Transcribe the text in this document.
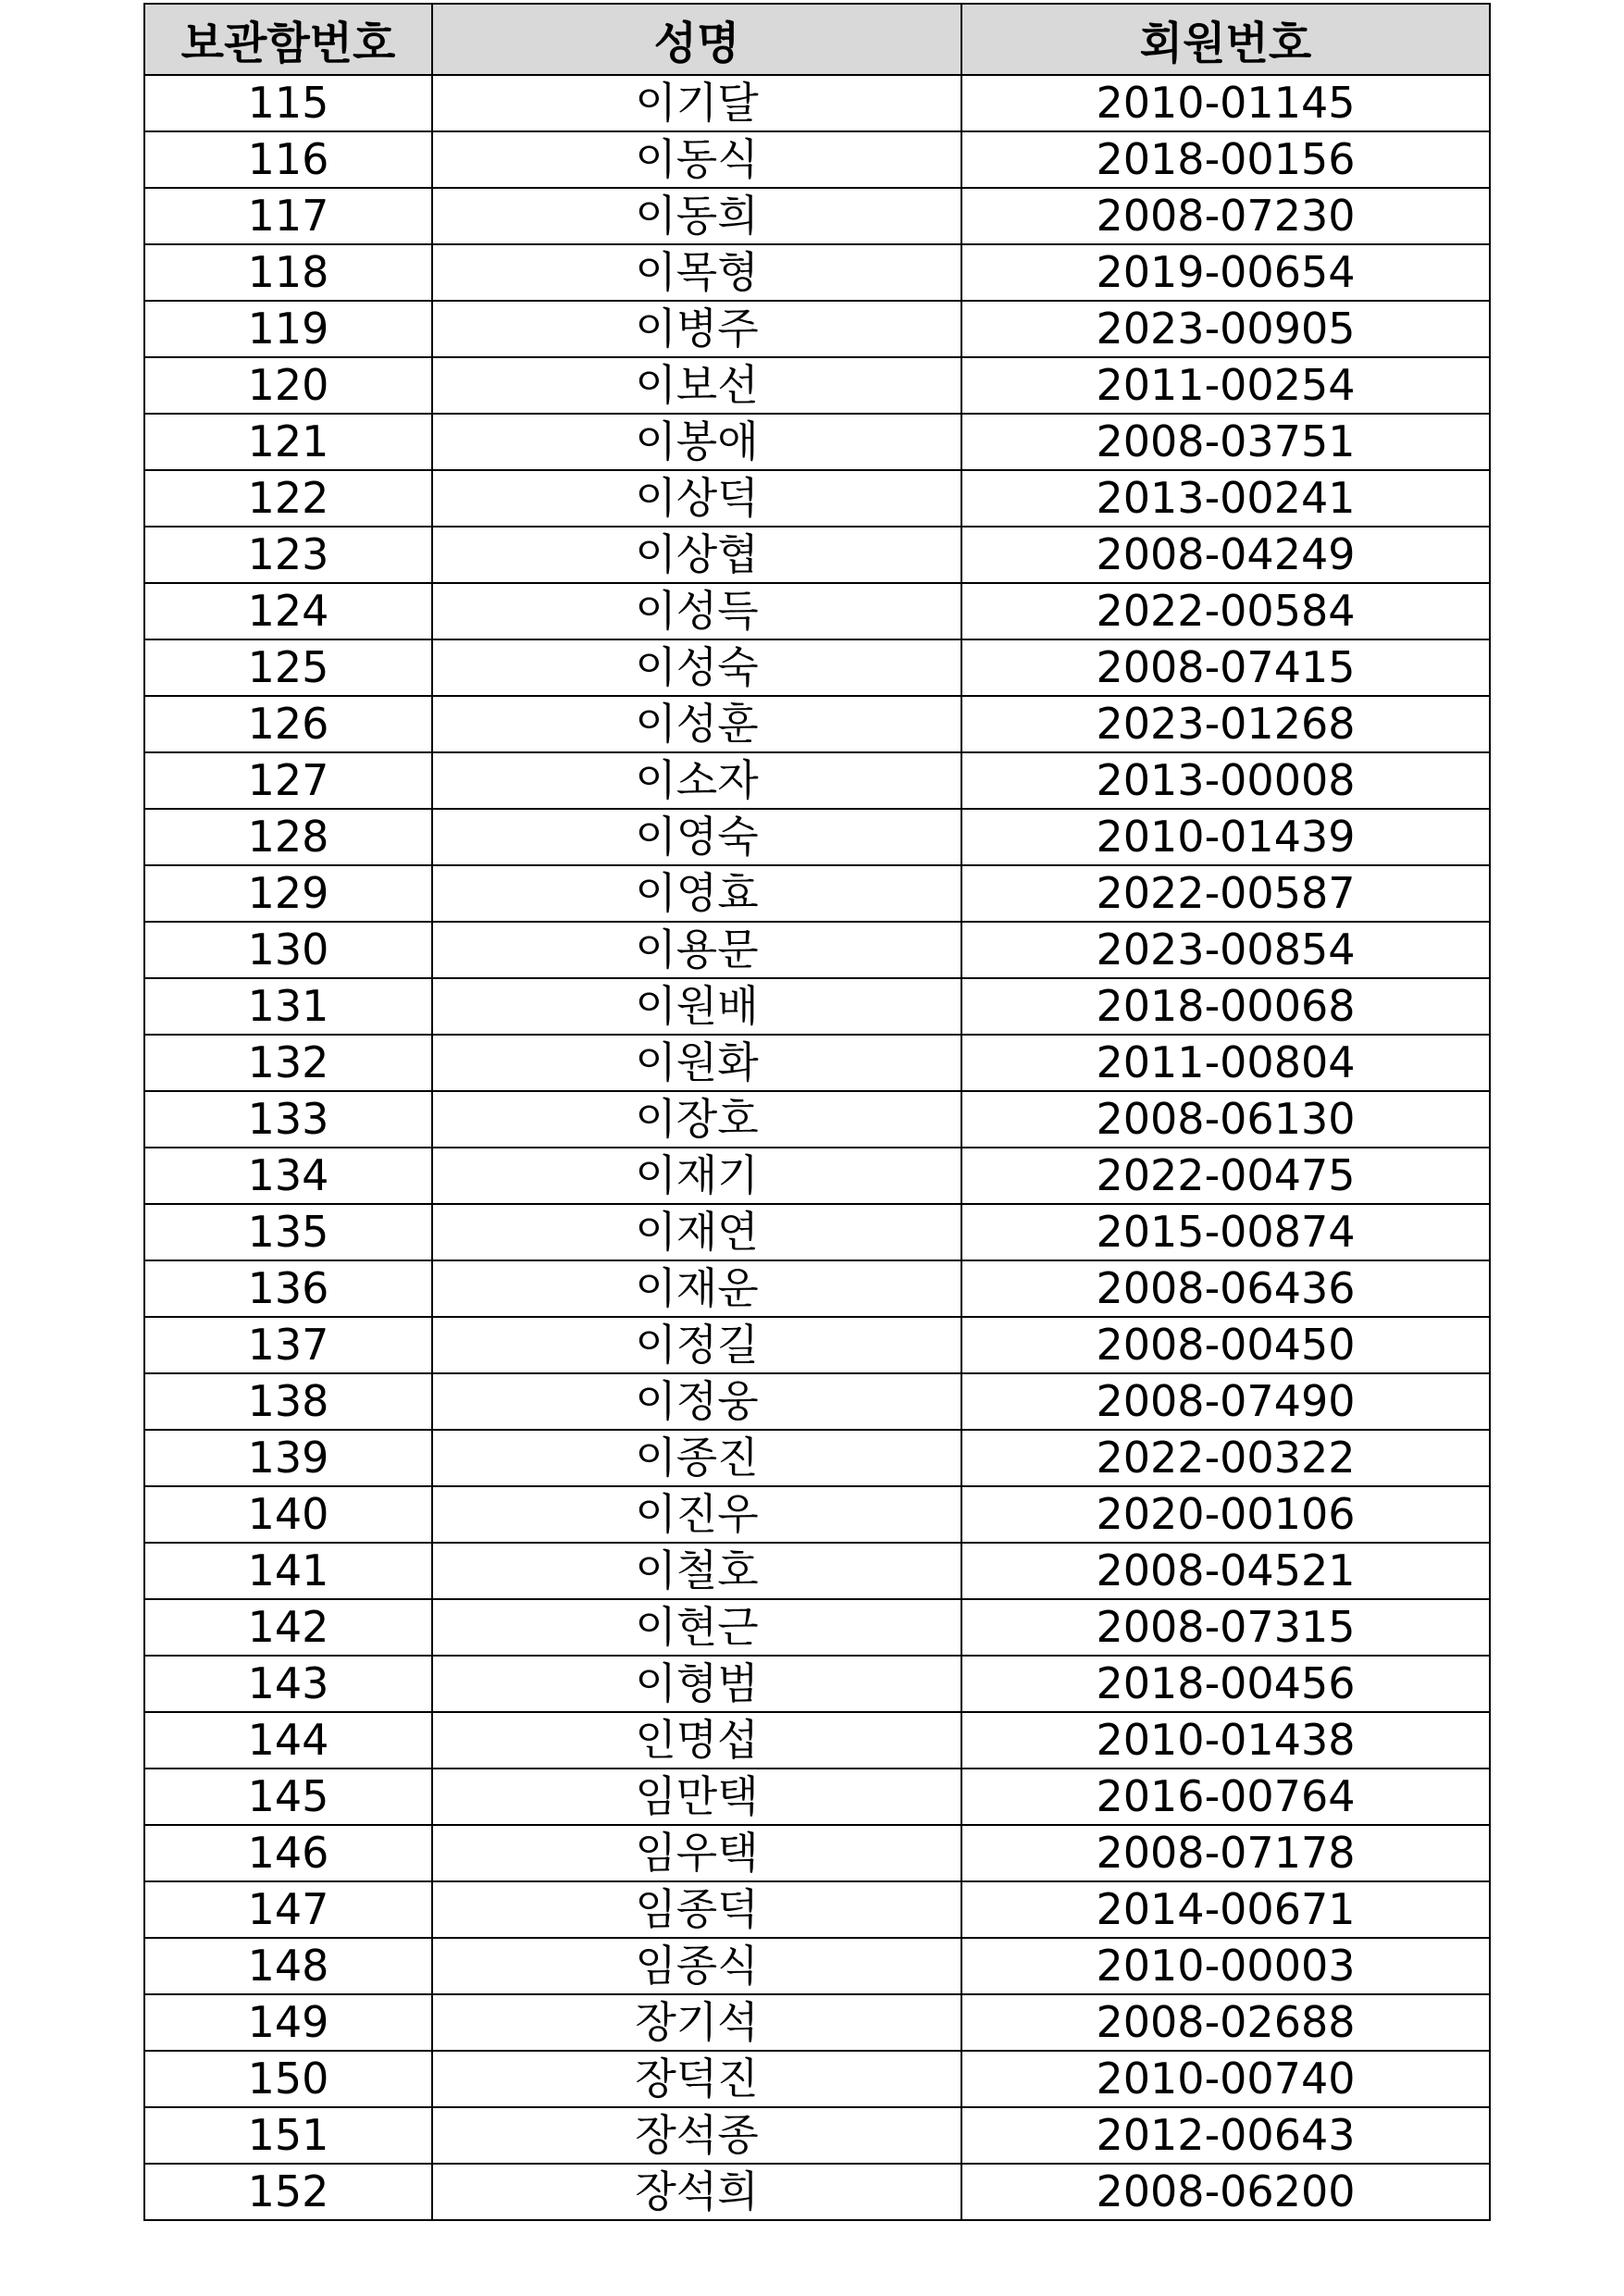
보관함번호	성명	회원번호
115	이기달	2010-01145
116	이동식	2018-00156
117	이동희	2008-07230
118	이목형	2019-00654
119	이병주	2023-00905
120	이보선	2011-00254
121	이봉애	2008-03751
122	이상덕	2013-00241
123	이상협	2008-04249
124	이성득	2022-00584
125	이성숙	2008-07415
126	이성훈	2023-01268
127	이소자	2013-00008
128	이영숙	2010-01439
129	이영효	2022-00587
130	이용문	2023-00854
131	이원배	2018-00068
132	이원화	2011-00804
133	이장호	2008-06130
134	이재기	2022-00475
135	이재연	2015-00874
136	이재운	2008-06436
137	이정길	2008-00450
138	이정웅	2008-07490
139	이종진	2022-00322
140	이진우	2020-00106
141	이철호	2008-04521
142	이현근	2008-07315
143	이형범	2018-00456
144	인명섭	2010-01438
145	임만택	2016-00764
146	임우택	2008-07178
147	임종덕	2014-00671
148	임종식	2010-00003
149	장기석	2008-02688
150	장덕진	2010-00740
151	장석종	2012-00643
152	장석희	2008-06200
